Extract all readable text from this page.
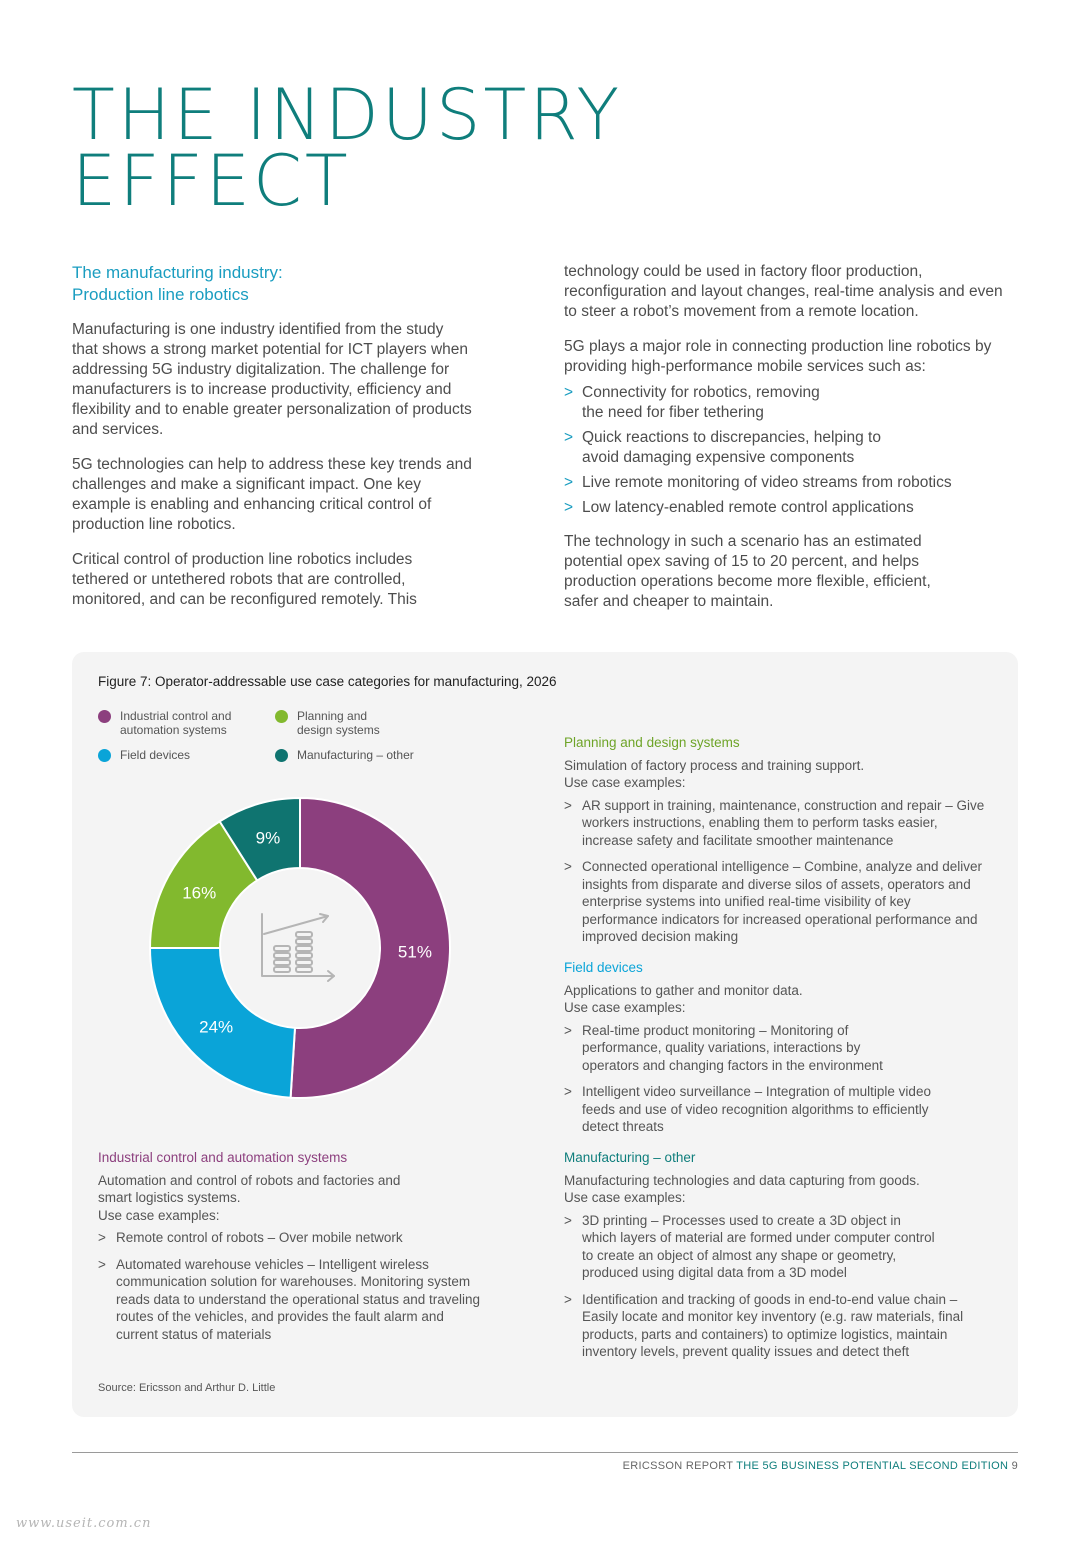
THE INDUSTRY
EFFECT
The manufacturing industry:
Production line robotics

Manufacturing is one industry identified from the study that shows a strong market potential for ICT players when addressing 5G industry digitalization. The challenge for manufacturers is to increase productivity, efficiency and flexibility and to enable greater personalization of products and services.

5G technologies can help to address these key trends and challenges and make a significant impact. One key example is enabling and enhancing critical control of production line robotics.

Critical control of production line robotics includes tethered or untethered robots that are controlled, monitored, and can be reconfigured remotely. This

technology could be used in factory floor production, reconfiguration and layout changes, real-time analysis and even to steer a robot’s movement from a remote location.

5G plays a major role in connecting production line robotics by providing high-performance mobile services such as:

> Connectivity for robotics, removing the need for fiber tethering
> Quick reactions to discrepancies, helping to avoid damaging expensive components
> Live remote monitoring of video streams from robotics
> Low latency-enabled remote control applications

The technology in such a scenario has an estimated potential opex saving of 15 to 20 percent, and helps production operations become more flexible, efficient, safer and cheaper to maintain.

Figure 7: Operator-addressable use case categories for manufacturing, 2026
Industrial control and automation systems
Planning and design systems
Field devices	Manufacturing – other
51%
24%
16%
9%
Industrial control and automation systems
Automation and control of robots and factories and smart logistics systems.
Use case examples:
> Remote control of robots – Over mobile network
> Automated warehouse vehicles – Intelligent wireless communication solution for warehouses. Monitoring system reads data to understand the operational status and traveling routes of the vehicles, and provides the fault alarm and current status of materials
Planning and design systems
Simulation of factory process and training support.
Use case examples:
> AR support in training, maintenance, construction and repair – Give workers instructions, enabling them to perform tasks easier, increase safety and facilitate smoother maintenance
> Connected operational intelligence – Combine, analyze and deliver insights from disparate and diverse silos of assets, operators and enterprise systems into unified real-time visibility of key performance indicators for increased operational performance and improved decision making
Field devices
Applications to gather and monitor data.
Use case examples:
> Real-time product monitoring – Monitoring of performance, quality variations, interactions by operators and changing factors in the environment
> Intelligent video surveillance – Integration of multiple video feeds and use of video recognition algorithms to efficiently detect threats
Manufacturing – other
Manufacturing technologies and data capturing from goods.
Use case examples:
> 3D printing – Processes used to create a 3D object in which layers of material are formed under computer control to create an object of almost any shape or geometry, produced using digital data from a 3D model
> Identification and tracking of goods in end-to-end value chain – Easily locate and monitor key inventory (e.g. raw materials, final products, parts and containers) to optimize logistics, maintain inventory levels, prevent quality issues and detect theft
Source: Ericsson and Arthur D. Little
ERICSSON REPORT THE 5G BUSINESS POTENTIAL SECOND EDITION 9
www.useit.com.cn
